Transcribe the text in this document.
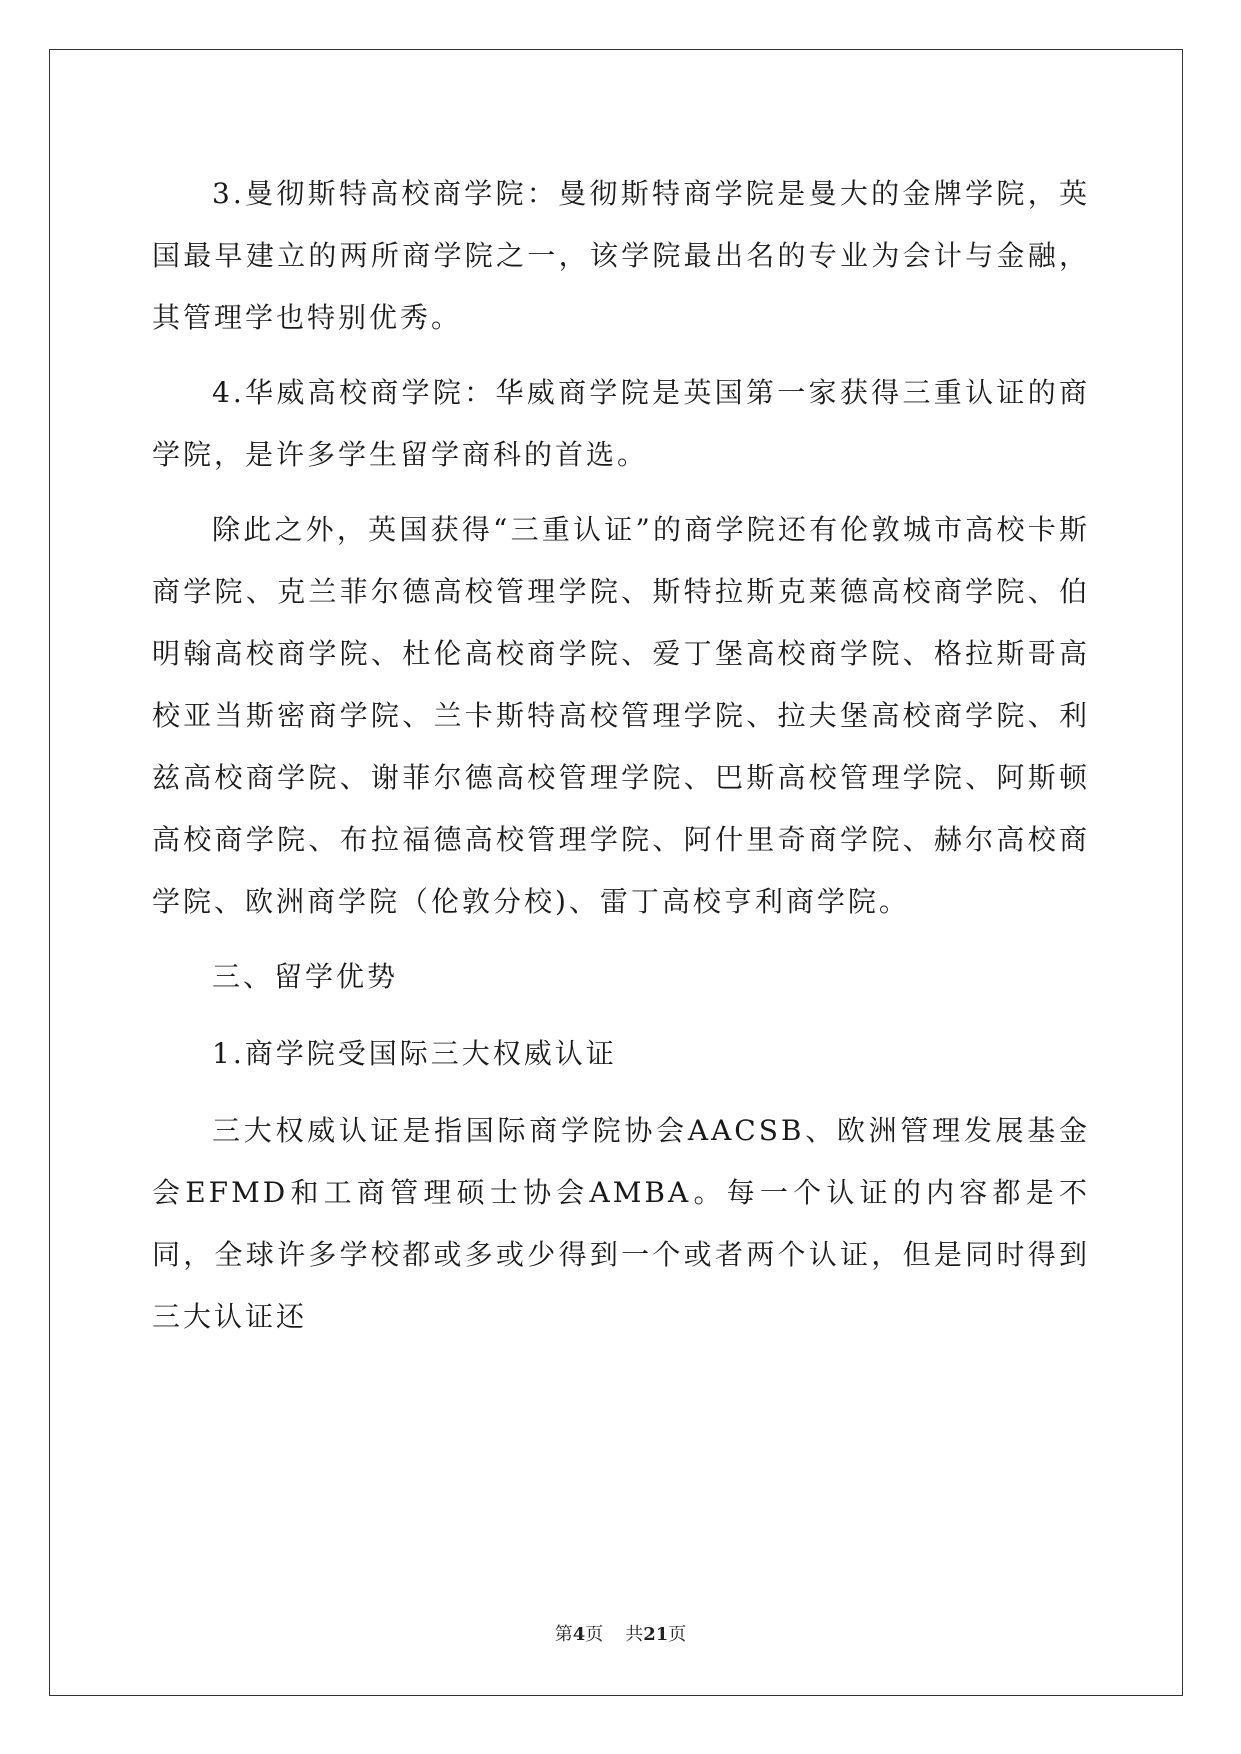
3.曼彻斯特高校商学院：曼彻斯特商学院是曼大的金牌学院，英国最早建立的两所商学院之一，该学院最出名的专业为会计与金融，其管理学也特别优秀。

4.华威高校商学院：华威商学院是英国第一家获得三重认证的商学院，是许多学生留学商科的首选。

除此之外，英国获得“三重认证”的商学院还有伦敦城市高校卡斯商学院、克兰菲尔德高校管理学院、斯特拉斯克莱德高校商学院、伯明翰高校商学院、杜伦高校商学院、爱丁堡高校商学院、格拉斯哥高校亚当斯密商学院、兰卡斯特高校管理学院、拉夫堡高校商学院、利兹高校商学院、谢菲尔德高校管理学院、巴斯高校管理学院、阿斯顿高校商学院、布拉福德高校管理学院、阿什里奇商学院、赫尔高校商学院、欧洲商学院（伦敦分校)、雷丁高校亨利商学院。

三、留学优势

1.商学院受国际三大权威认证

三大权威认证是指国际商学院协会AACSB、欧洲管理发展基金会EFMD和工商管理硕士协会AMBA。每一个认证的内容都是不同，全球许多学校都或多或少得到一个或者两个认证，但是同时得到三大认证还

第4页 共21页
